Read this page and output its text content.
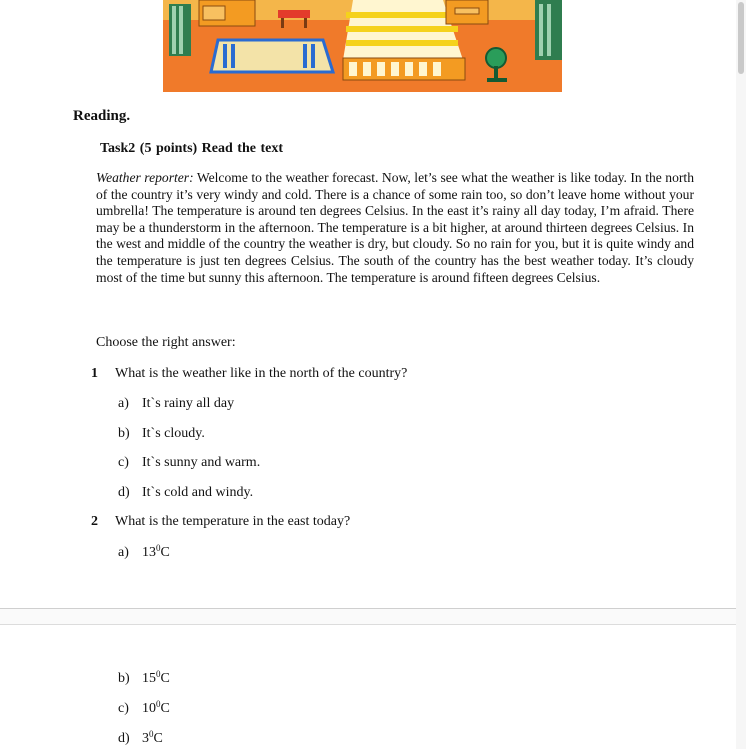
Reading.
Task2 (5 points) Read the text
Weather reporter: Welcome to the weather forecast. Now, let’s see what the weather is like today. In the north of the country it’s very windy and cold. There is a chance of some rain too, so don’t leave home without your umbrella! The temperature is around ten degrees Celsius. In the east it’s rainy all day today, I’m afraid. There may be a thunderstorm in the afternoon. The temperature is a bit higher, at around thirteen degrees Celsius. In the west and middle of the country the weather is dry, but cloudy. So no rain for you, but it is quite windy and the temperature is just ten degrees Celsius. The south of the country has the best weather today. It’s cloudy most of the time but sunny this afternoon. The temperature is around fifteen degrees Celsius.
Choose the right answer:
1 What is the weather like in the north of the country?
a) It`s rainy all day
b) It`s cloudy.
c) It`s sunny and warm.
d) It`s cold and windy.
2 What is the temperature in the east today?
a) $13^0C$
b) $15^0C$
c) $10^0C$
d) $3^0C$
